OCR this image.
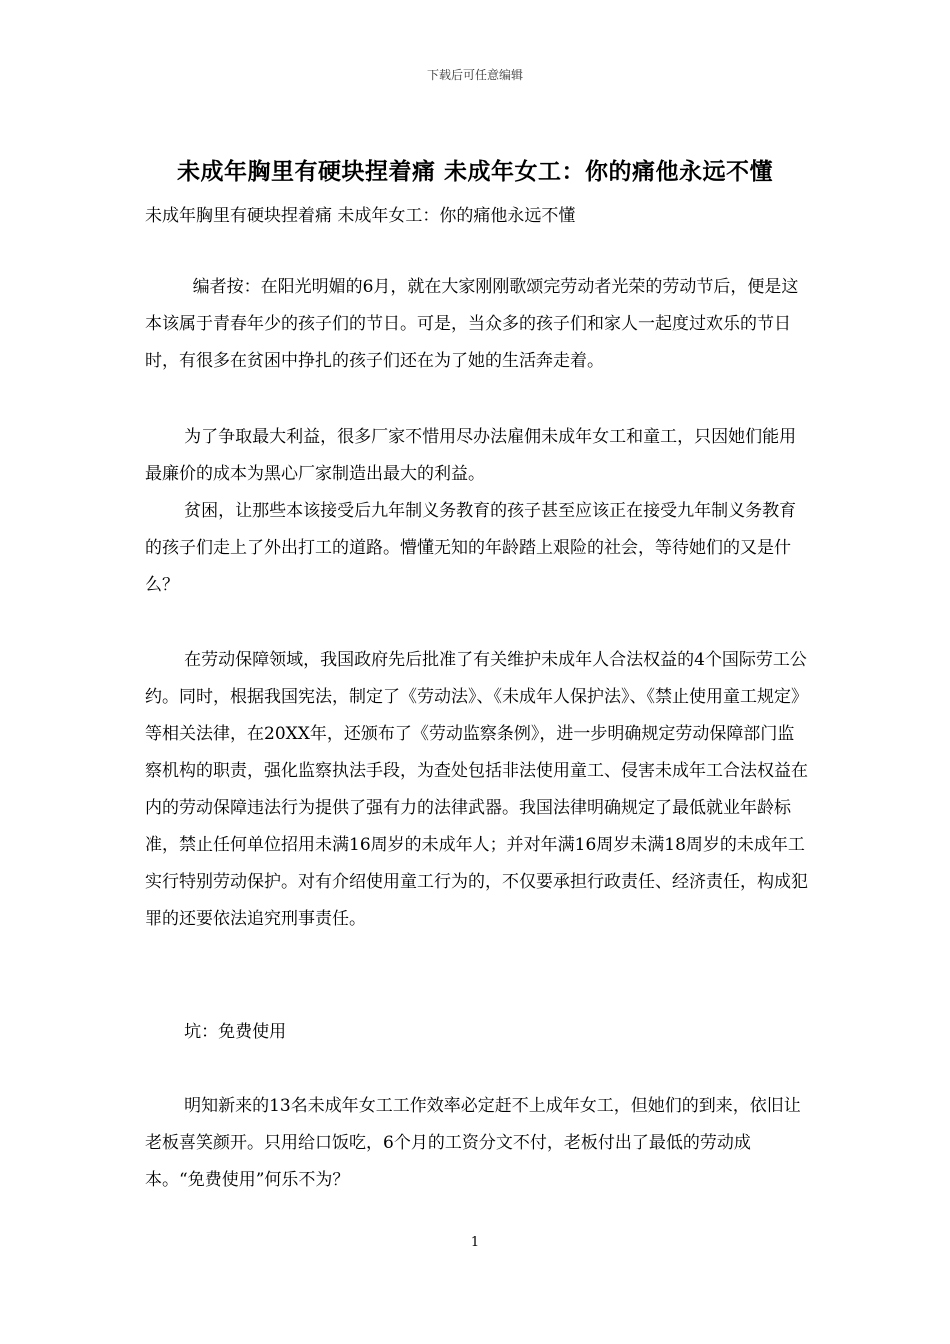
下载后可任意编辑
未成年胸里有硬块捏着痛 未成年女工：你的痛他永远不懂
未成年胸里有硬块捏着痛 未成年女工：你的痛他永远不懂

编者按：在阳光明媚的6月，就在大家刚刚歌颂完劳动者光荣的劳动节后，便是这本该属于青春年少的孩子们的节日。可是，当众多的孩子们和家人一起度过欢乐的节日时，有很多在贫困中挣扎的孩子们还在为了她的生活奔走着。

为了争取最大利益，很多厂家不惜用尽办法雇佣未成年女工和童工，只因她们能用最廉价的成本为黑心厂家制造出最大的利益。

贫困，让那些本该接受后九年制义务教育的孩子甚至应该正在接受九年制义务教育的孩子们走上了外出打工的道路。懵懂无知的年龄踏上艰险的社会，等待她们的又是什么？

在劳动保障领域，我国政府先后批准了有关维护未成年人合法权益的4个国际劳工公约。同时，根据我国宪法，制定了《劳动法》、《未成年人保护法》、《禁止使用童工规定》等相关法律，在20XX年，还颁布了《劳动监察条例》，进一步明确规定劳动保障部门监察机构的职责，强化监察执法手段，为查处包括非法使用童工、侵害未成年工合法权益在内的劳动保障违法行为提供了强有力的法律武器。我国法律明确规定了最低就业年龄标准，禁止任何单位招用未满16周岁的未成年人；并对年满16周岁未满18周岁的未成年工实行特别劳动保护。对有介绍使用童工行为的，不仅要承担行政责任、经济责任，构成犯罪的还要依法追究刑事责任。

坑：免费使用

明知新来的13名未成年女工工作效率必定赶不上成年女工，但她们的到来，依旧让老板喜笑颜开。只用给口饭吃，6个月的工资分文不付，老板付出了最低的劳动成本。“免费使用”何乐不为？

1
